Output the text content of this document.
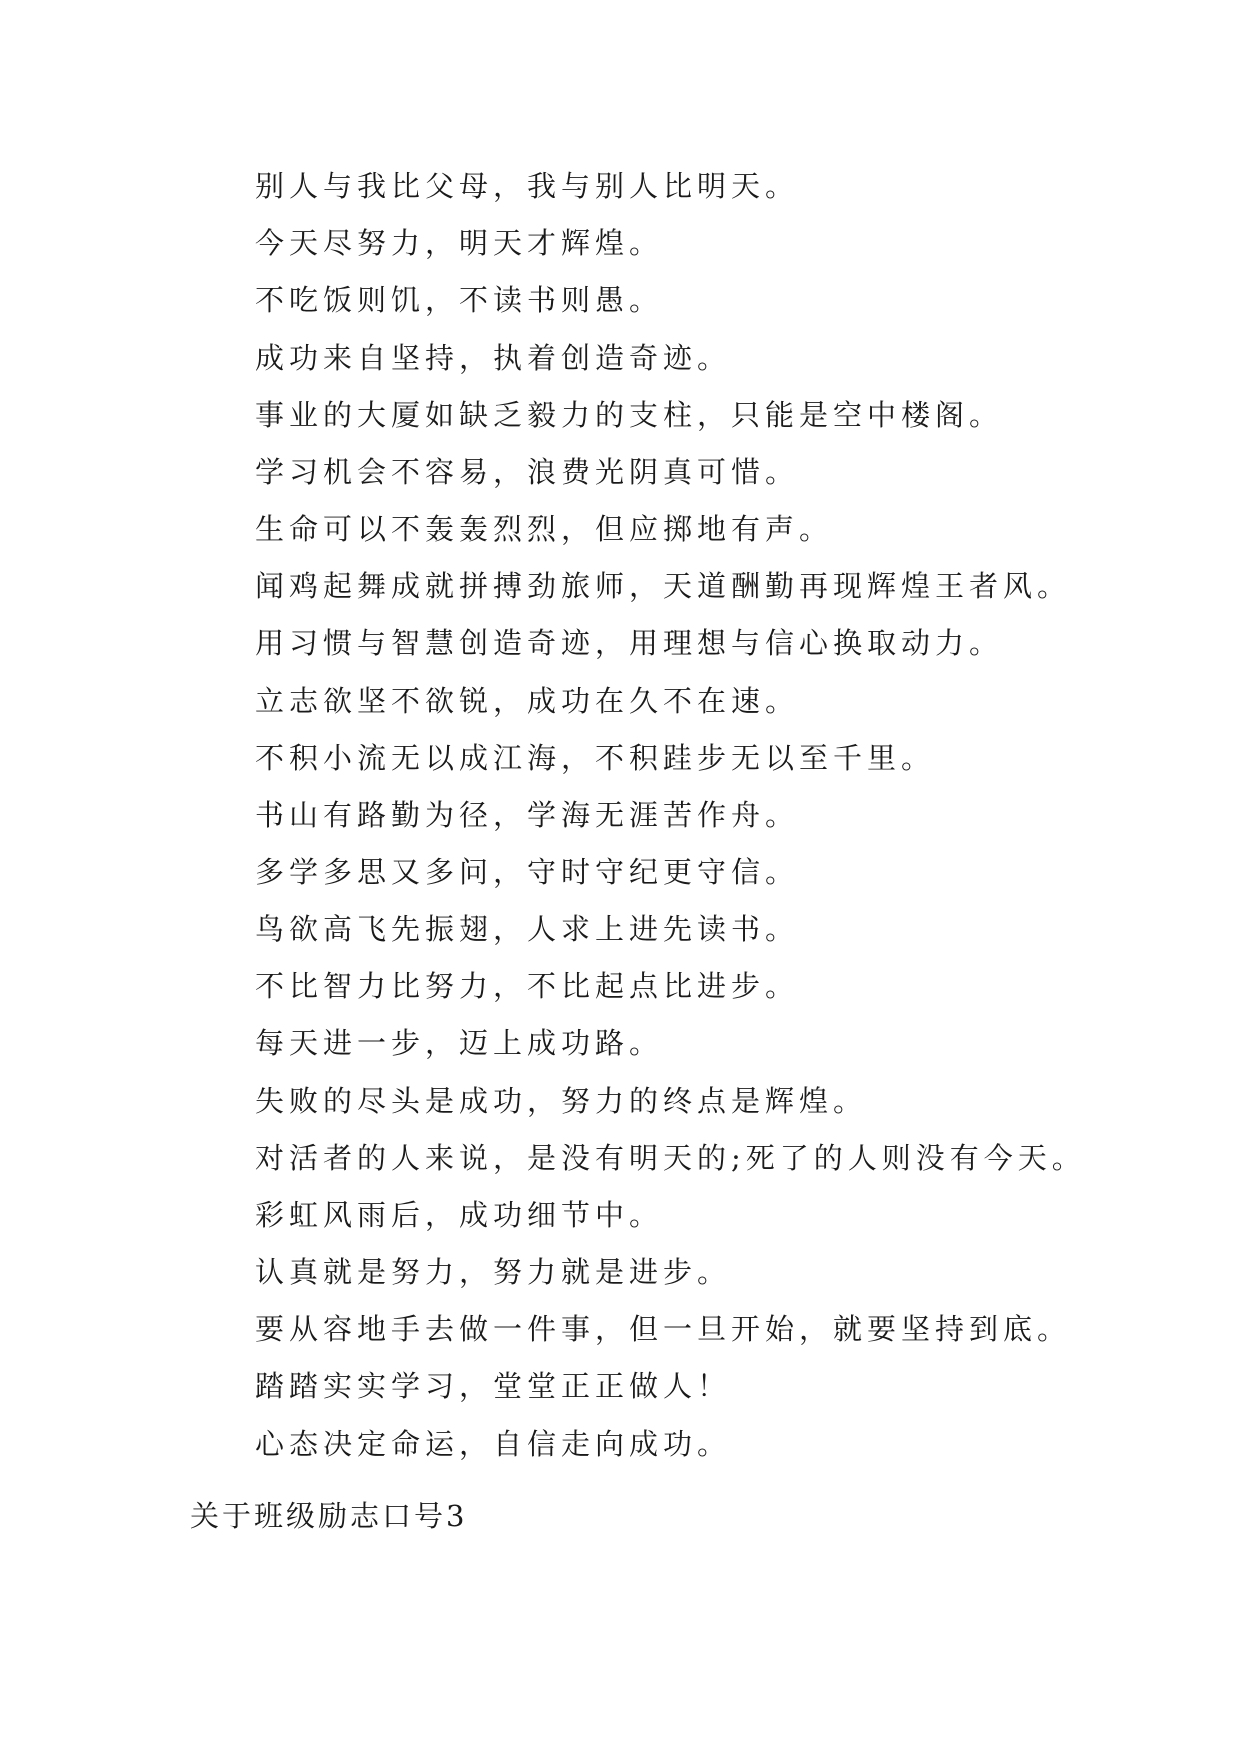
别人与我比父母，我与别人比明天。
今天尽努力，明天才辉煌。
不吃饭则饥，不读书则愚。
成功来自坚持，执着创造奇迹。
事业的大厦如缺乏毅力的支柱，只能是空中楼阁。
学习机会不容易，浪费光阴真可惜。
生命可以不轰轰烈烈，但应掷地有声。
闻鸡起舞成就拼搏劲旅师，天道酬勤再现辉煌王者风。
用习惯与智慧创造奇迹，用理想与信心换取动力。
立志欲坚不欲锐，成功在久不在速。
不积小流无以成江海，不积跬步无以至千里。
书山有路勤为径，学海无涯苦作舟。
多学多思又多问，守时守纪更守信。
鸟欲高飞先振翅，人求上进先读书。
不比智力比努力，不比起点比进步。
每天进一步，迈上成功路。
失败的尽头是成功，努力的终点是辉煌。
对活者的人来说，是没有明天的;死了的人则没有今天。
彩虹风雨后，成功细节中。
认真就是努力，努力就是进步。
要从容地手去做一件事，但一旦开始，就要坚持到底。
踏踏实实学习，堂堂正正做人！
心态决定命运，自信走向成功。
关于班级励志口号3
